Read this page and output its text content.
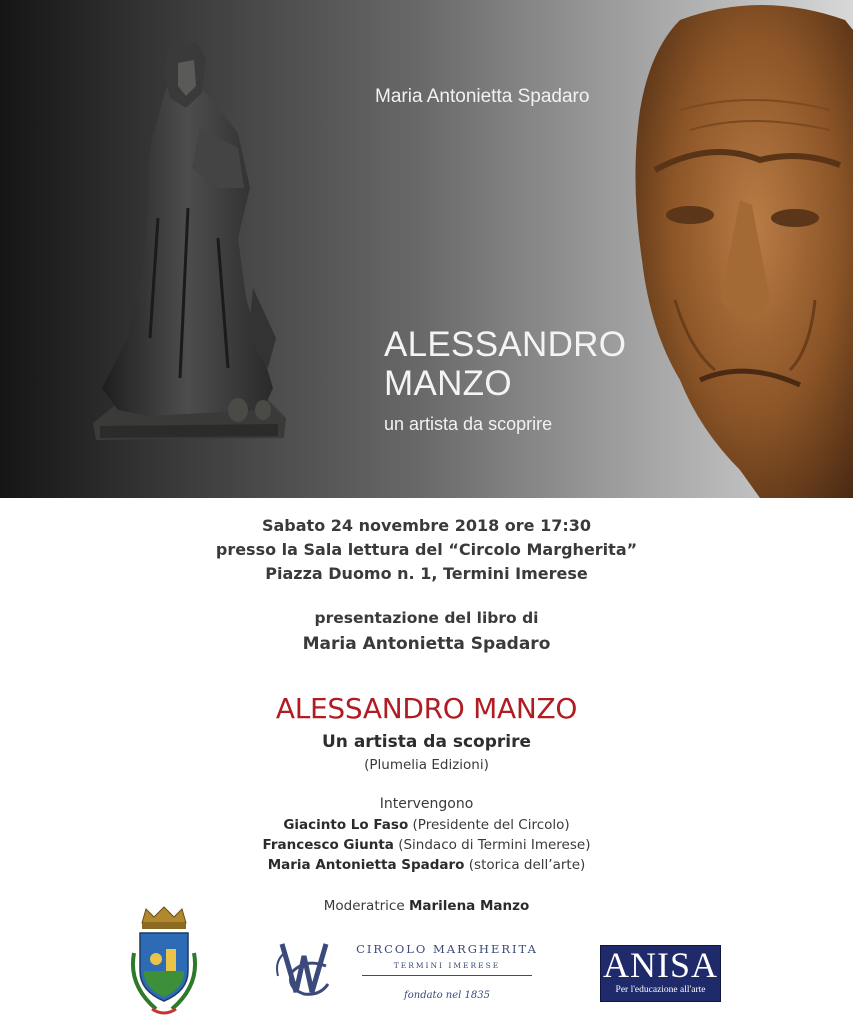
Maria Antonietta Spadaro
ALESSANDRO
MANZO
un artista da scoprire
Sabato 24 novembre 2018 ore 17:30
presso la Sala lettura del “Circolo Margherita”
Piazza Duomo n. 1, Termini Imerese
presentazione del libro di
Maria Antonietta Spadaro
ALESSANDRO MANZO
Un artista da scoprire
(Plumelia Edizioni)
Intervengono
Giacinto Lo Faso (Presidente del Circolo)
Francesco Giunta (Sindaco di Termini Imerese)
Maria Antonietta Spadaro (storica dell’arte)
Moderatrice Marilena Manzo
CIRCOLO MARGHERITA
TERMINI IMERESE
fondato nel 1835
ANISA
Per l'educazione all'arte
